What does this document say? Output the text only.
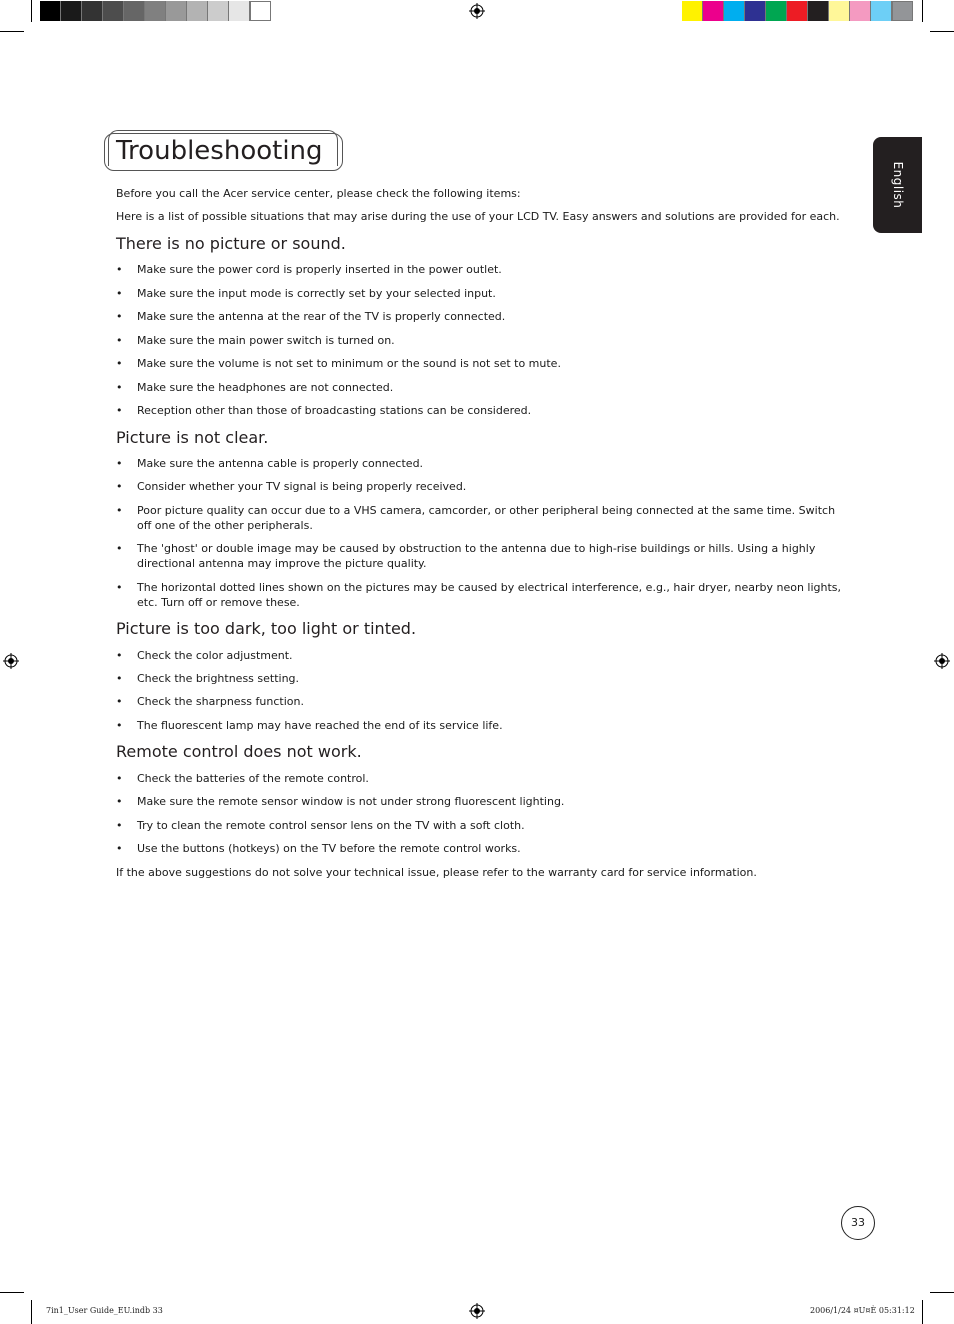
English
Troubleshooting
Before you call the Acer service center, please check the following items:
Here is a list of possible situations that may arise during the use of your LCD TV. Easy answers and solutions are provided for each.
There is no picture or sound.
• Make sure the power cord is properly inserted in the power outlet.
• Make sure the input mode is correctly set by your selected input.
• Make sure the antenna at the rear of the TV is properly connected.
• Make sure the main power switch is turned on.
• Make sure the volume is not set to minimum or the sound is not set to mute.
• Make sure the headphones are not connected.
• Reception other than those of broadcasting stations can be considered.
Picture is not clear.
• Make sure the antenna cable is properly connected.
• Consider whether your TV signal is being properly received.
• Poor picture quality can occur due to a VHS camera, camcorder, or other peripheral being connected at the same time. Switch off one of the other peripherals.
• The 'ghost' or double image may be caused by obstruction to the antenna due to high-rise buildings or hills. Using a highly directional antenna may improve the picture quality.
• The horizontal dotted lines shown on the pictures may be caused by electrical interference, e.g., hair dryer, nearby neon lights, etc. Turn off or remove these.
Picture is too dark, too light or tinted.
• Check the color adjustment.
• Check the brightness setting.
• Check the sharpness function.
• The fluorescent lamp may have reached the end of its service life.
Remote control does not work.
• Check the batteries of the remote control.
• Make sure the remote sensor window is not under strong fluorescent lighting.
• Try to clean the remote control sensor lens on the TV with a soft cloth.
• Use the buttons (hotkeys) on the TV before the remote control works.
If the above suggestions do not solve your technical issue, please refer to the warranty card for service information.
33
7in1_User Guide_EU.indb 33	2006/1/24 ¤U¤È 05:31:12
